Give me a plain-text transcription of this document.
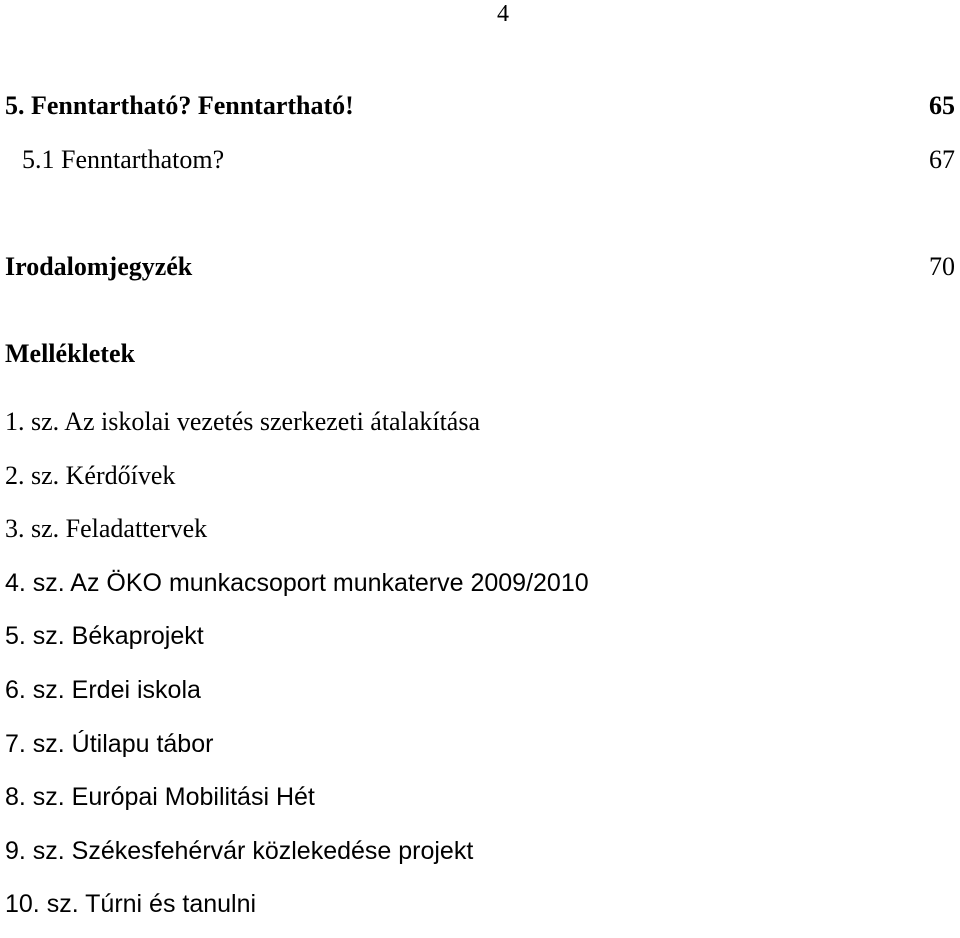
4
5. Fenntartható? Fenntartható!	65
5.1 Fenntarthatom?	67
Irodalomjegyzék	70
Mellékletek
1. sz. Az iskolai vezetés szerkezeti átalakítása
2. sz. Kérdőívek
3. sz. Feladattervek
4. sz. Az ÖKO munkacsoport munkaterve 2009/2010
5. sz. Békaprojekt
6. sz. Erdei iskola
7. sz. Útilapu tábor
8. sz. Európai Mobilitási Hét
9. sz. Székesfehérvár közlekedése projekt
10. sz. Túrni és tanulni
